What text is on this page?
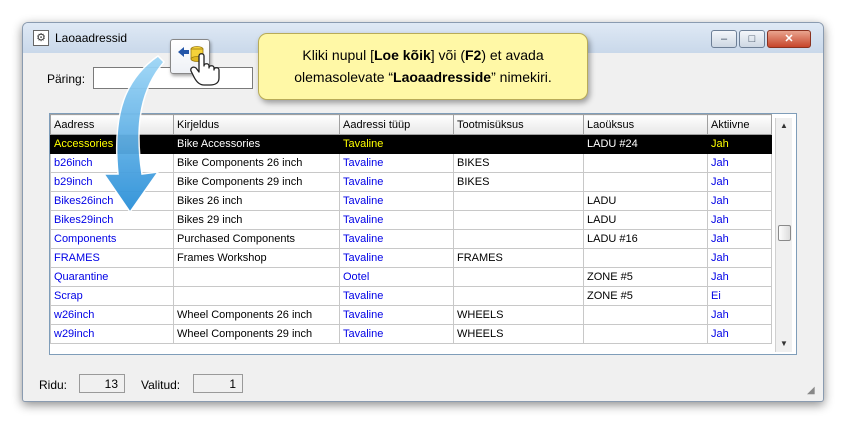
⚙ Laoaadressid	–	□	✕
Päring:
Aadress	Kirjeldus	Aadressi tüüp	Tootmisüksus	Laoüksus	Aktiivne
Accessories	Bike Accessories	Tavaline		LADU #24	Jah
b26inch	Bike Components 26 inch	Tavaline	BIKES		Jah
b29inch	Bike Components 29 inch	Tavaline	BIKES		Jah
Bikes26inch	Bikes 26 inch	Tavaline		LADU	Jah
Bikes29inch	Bikes 29 inch	Tavaline		LADU	Jah
Components	Purchased Components	Tavaline		LADU #16	Jah
FRAMES	Frames Workshop	Tavaline	FRAMES		Jah
Quarantine		Ootel		ZONE #5	Jah
Scrap		Tavaline		ZONE #5	Ei
w26inch	Wheel Components 26 inch	Tavaline	WHEELS		Jah
w29inch	Wheel Components 29 inch	Tavaline	WHEELS		Jah
▲
▼
Ridu:	13	Valitud:	1	◢
Kliki nupul [Loe kõik] või (F2) et avada
olemasolevate “Laoaadresside” nimekiri.
